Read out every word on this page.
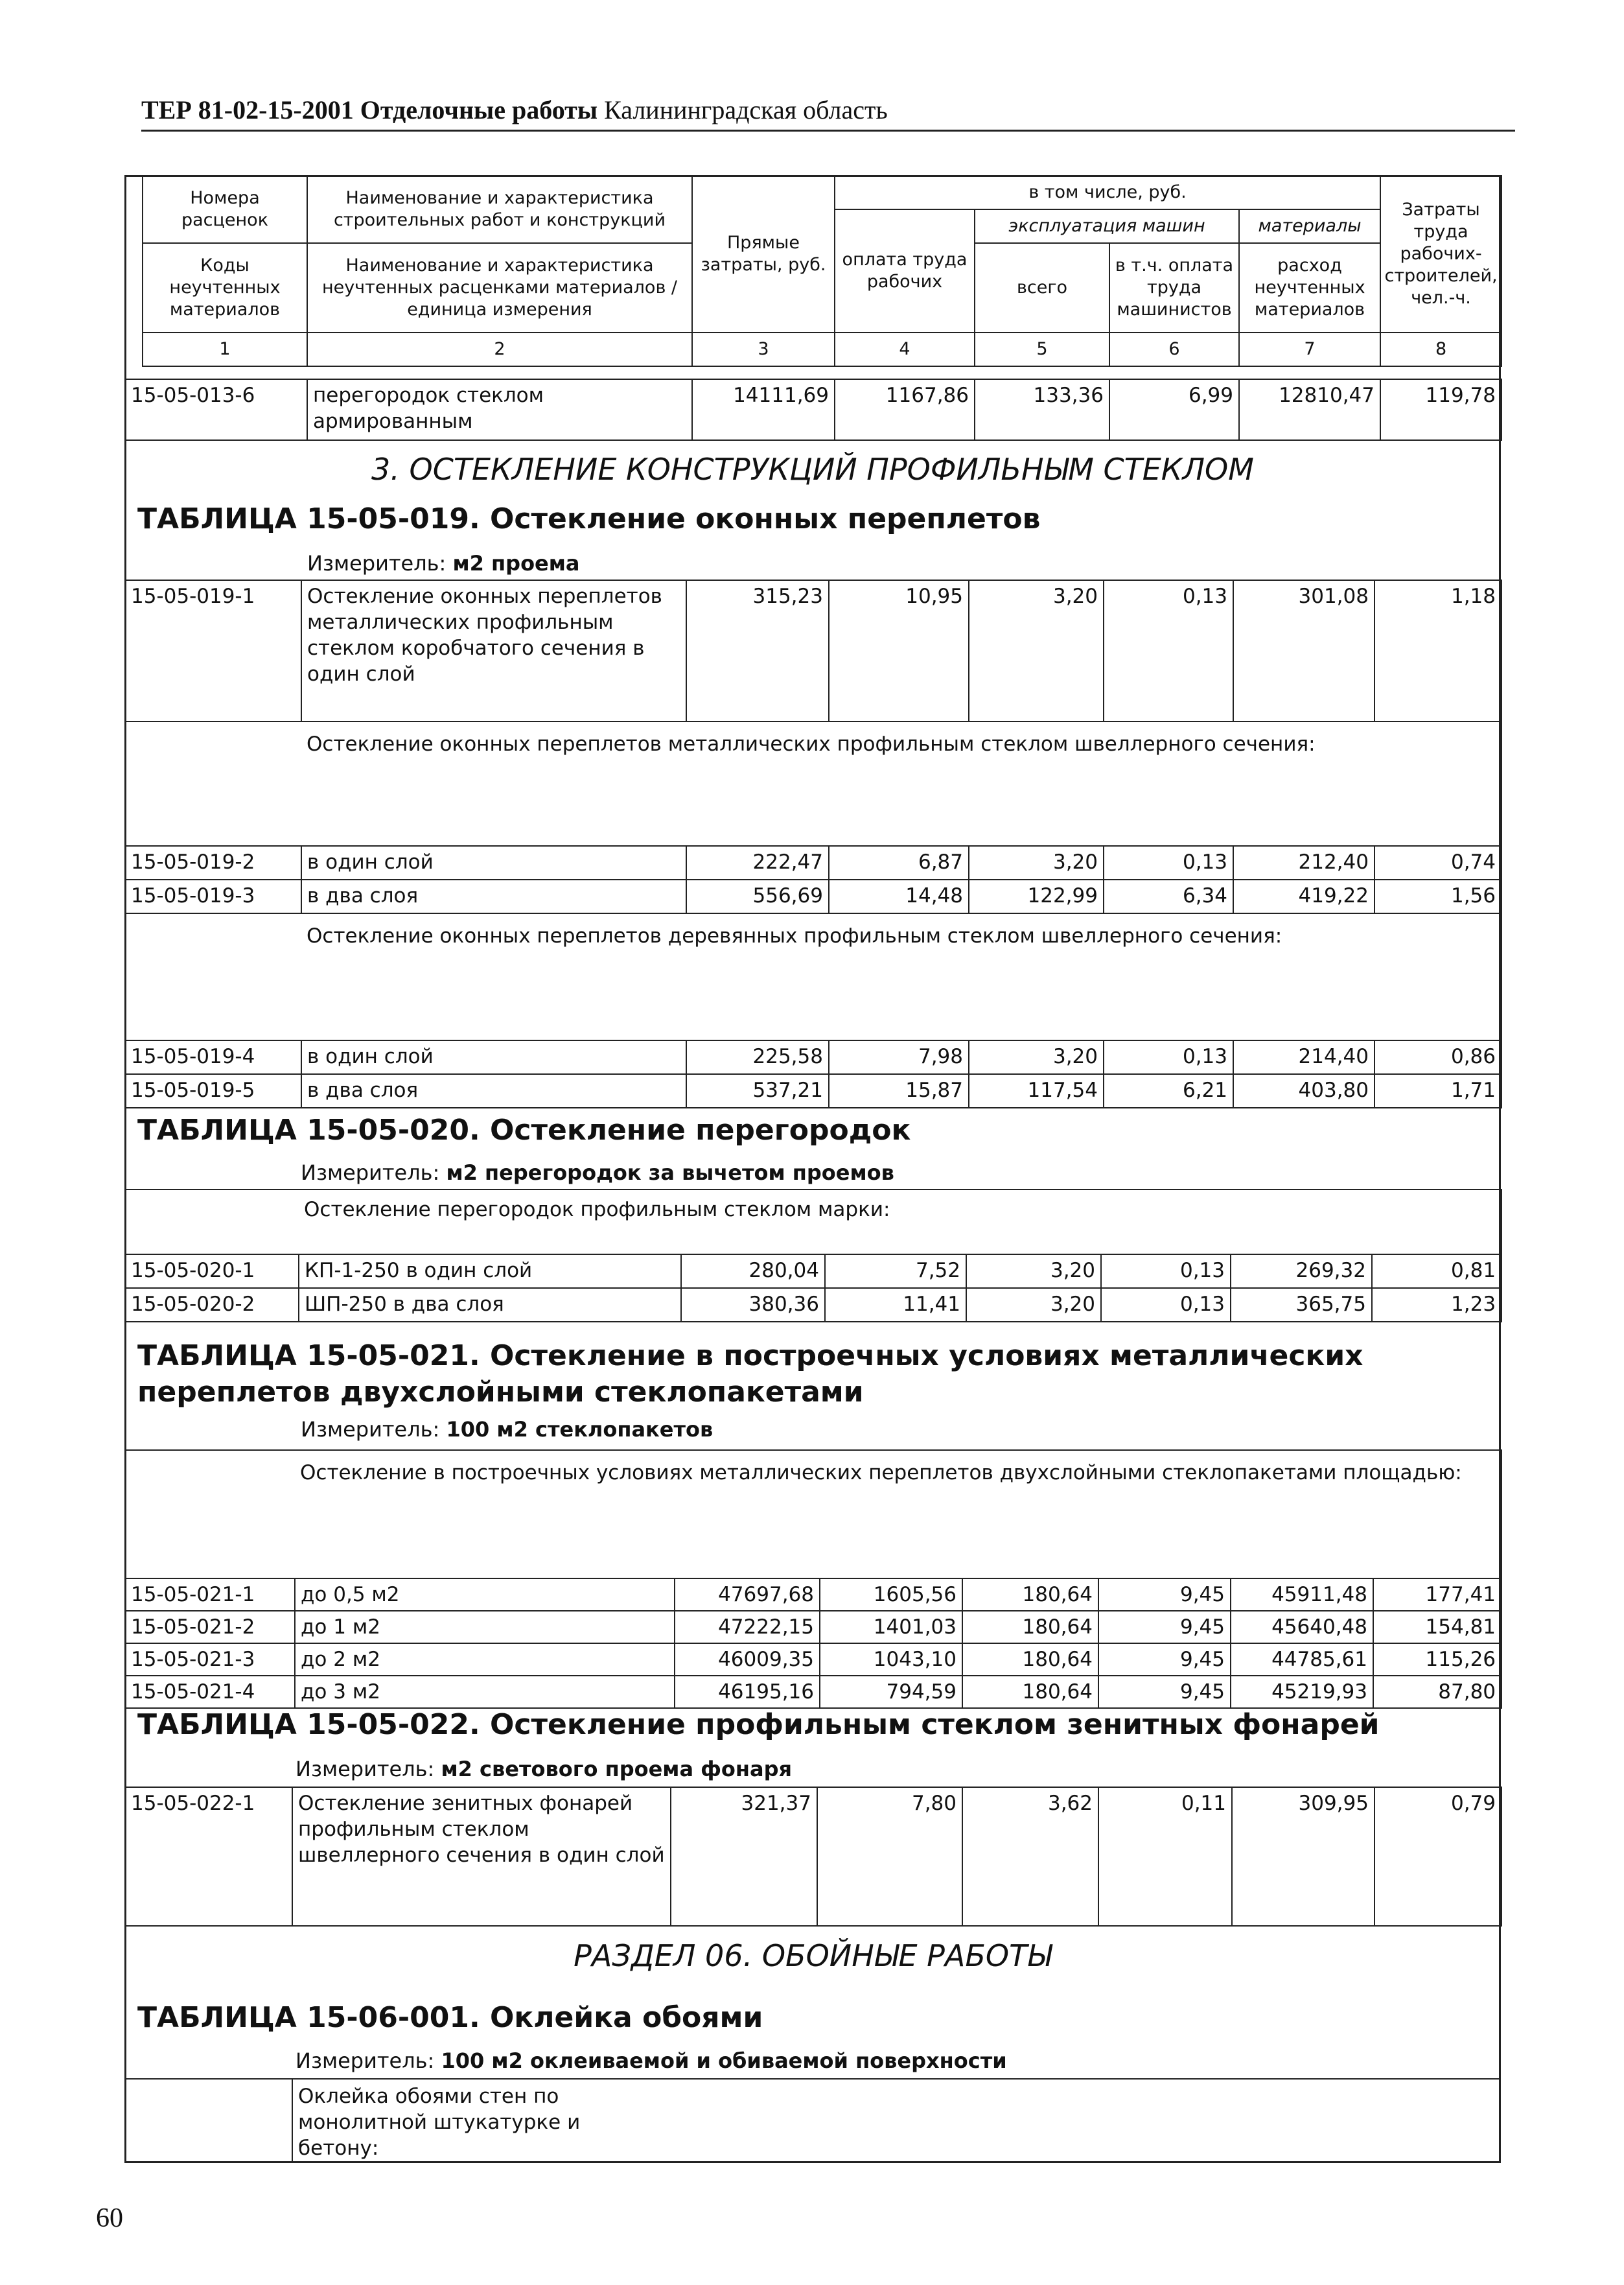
ТЕР 81-02-15-2001 Отделочные работы Калининградская область
Номера расценок	Наименование и характеристика строительных работ и конструкций	Прямые затраты, руб.	в том числе, руб.				Затраты труда рабочих-строителей, чел.-ч.
			оплата труда рабочих	эксплуатация машин		материалы	
Коды неучтенных материалов	Наименование и характеристика неучтенных расценками материалов / единица измерения			всего	в т.ч. оплата труда машинистов	расход неучтенных материалов	

1	2	3	4	5	6	7	8
15-05-013-6	перегородок стеклом армированным	14111,69	1167,86	133,36	6,99	12810,47	119,78
3. ОСТЕКЛЕНИЕ КОНСТРУКЦИЙ ПРОФИЛЬНЫМ СТЕКЛОМ
ТАБЛИЦА 15-05-019. Остекление оконных переплетов
Измеритель: м2 проема
15-05-019-1	Остекление оконных переплетов металлических профильным стеклом коробчатого сечения в один слой	315,23	10,95	3,20	0,13	301,08	1,18
	Остекление оконных переплетов металлических профильным стеклом швеллерного сечения:						
15-05-019-2	в один слой	222,47	6,87	3,20	0,13	212,40	0,74
15-05-019-3	в два слоя	556,69	14,48	122,99	6,34	419,22	1,56
	Остекление оконных переплетов деревянных профильным стеклом швеллерного сечения:						
15-05-019-4	в один слой	225,58	7,98	3,20	0,13	214,40	0,86
15-05-019-5	в два слоя	537,21	15,87	117,54	6,21	403,80	1,71
ТАБЛИЦА 15-05-020. Остекление перегородок
Измеритель: м2 перегородок за вычетом проемов
	Остекление перегородок профильным стеклом марки:						
15-05-020-1	КП-1-250 в один слой	280,04	7,52	3,20	0,13	269,32	0,81
15-05-020-2	ШП-250 в два слоя	380,36	11,41	3,20	0,13	365,75	1,23
ТАБЛИЦА 15-05-021. Остекление в построечных условиях металлических переплетов двухслойными стеклопакетами
Измеритель: 100 м2 стеклопакетов
	Остекление в построечных условиях металлических переплетов двухслойными стеклопакетами площадью:						
15-05-021-1	до 0,5 м2	47697,68	1605,56	180,64	9,45	45911,48	177,41
15-05-021-2	до 1 м2	47222,15	1401,03	180,64	9,45	45640,48	154,81
15-05-021-3	до 2 м2	46009,35	1043,10	180,64	9,45	44785,61	115,26
15-05-021-4	до 3 м2	46195,16	794,59	180,64	9,45	45219,93	87,80
ТАБЛИЦА 15-05-022. Остекление профильным стеклом зенитных фонарей
Измеритель: м2 светового проема фонаря
15-05-022-1	Остекление зенитных фонарей профильным стеклом швеллерного сечения в один слой	321,37	7,80	3,62	0,11	309,95	0,79
РАЗДЕЛ 06. ОБОЙНЫЕ РАБОТЫ
ТАБЛИЦА 15-06-001. Оклейка обоями
Измеритель: 100 м2 оклеиваемой и обиваемой поверхности
Оклейка обоями стен по монолитной штукатурке и бетону:
60
